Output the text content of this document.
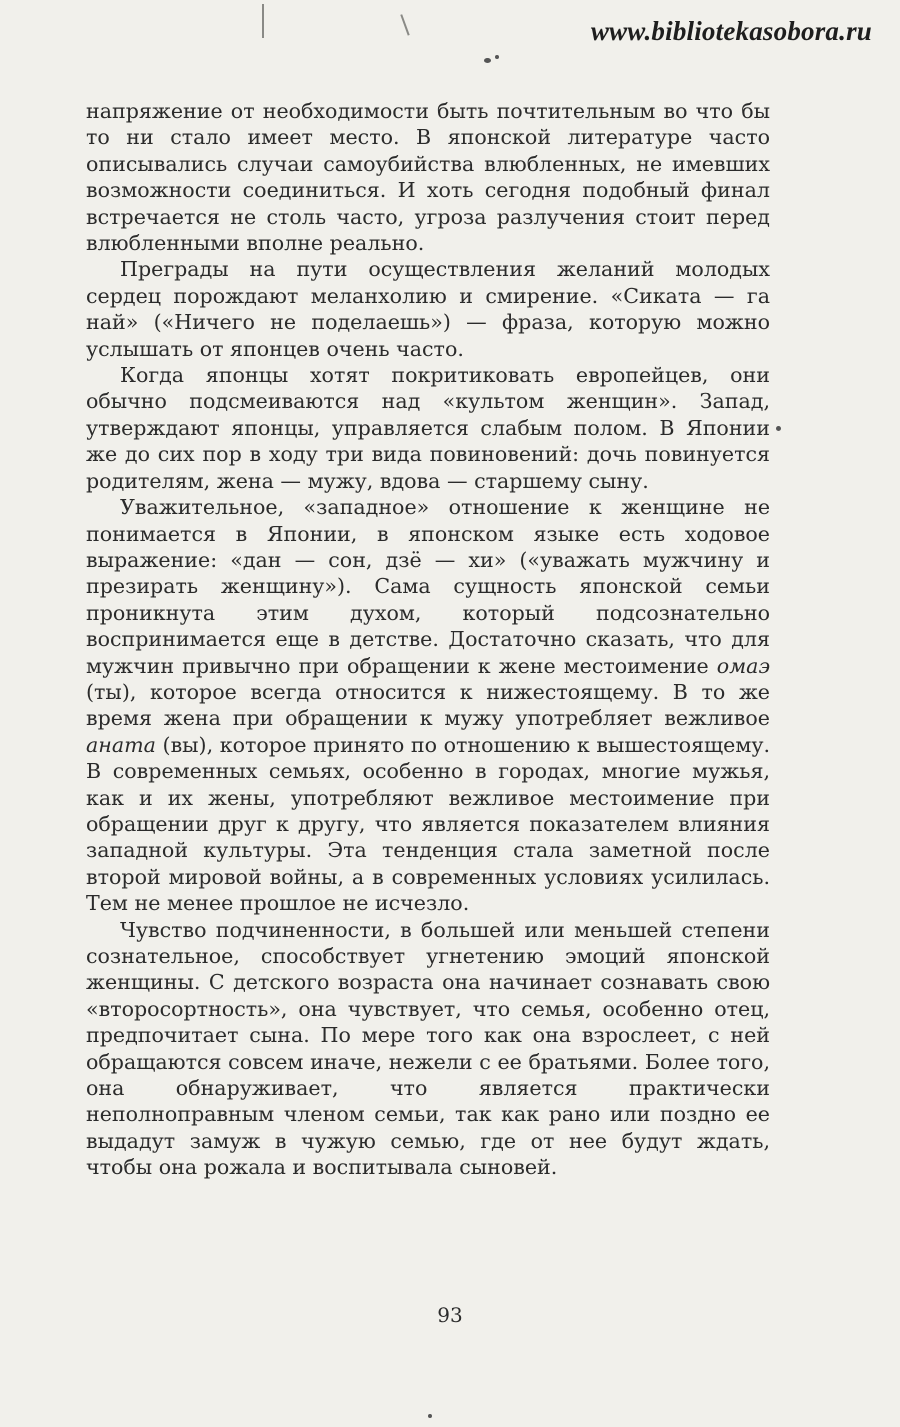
www.bibliotekasobora.ru

напряжение от необходимости быть почтительным во что бы то ни стало имеет место. В японской литературе часто описывались случаи самоубийства влюбленных, не имевших возможности соединиться. И хоть сегодня подобный финал встречается не столь часто, угроза разлучения стоит перед влюбленными вполне реально.

Преграды на пути осуществления желаний молодых сердец порождают меланхолию и смирение. «Сиката — га най» («Ничего не поделаешь») — фраза, которую можно услышать от японцев очень часто.

Когда японцы хотят покритиковать европейцев, они обычно подсмеиваются над «культом женщин». Запад, утверждают японцы, управляется слабым полом. В Японии же до сих пор в ходу три вида повиновений: дочь повинуется родителям, жена — мужу, вдова — старшему сыну.

Уважительное, «западное» отношение к женщине не понимается в Японии, в японском языке есть ходовое выражение: «дан — сон, дзё — хи» («уважать мужчину и презирать женщину»). Сама сущность японской семьи проникнута этим духом, который подсознательно воспринимается еще в детстве. Достаточно сказать, что для мужчин привычно при обращении к жене местоимение омаэ (ты), которое всегда относится к нижестоящему. В то же время жена при обращении к мужу употребляет вежливое аната (вы), которое принято по отношению к вышестоящему. В современных семьях, особенно в городах, многие мужья, как и их жены, употребляют вежливое местоимение при обращении друг к другу, что является показателем влияния западной культуры. Эта тенденция стала заметной после второй мировой войны, а в современных условиях усилилась. Тем не менее прошлое не исчезло.

Чувство подчиненности, в большей или меньшей степени сознательное, способствует угнетению эмоций японской женщины. С детского возраста она начинает сознавать свою «второсортность», она чувствует, что семья, особенно отец, предпочитает сына. По мере того как она взрослеет, с ней обращаются совсем иначе, нежели с ее братьями. Более того, она обнаруживает, что является практически неполноправным членом семьи, так как рано или поздно ее выдадут замуж в чужую семью, где от нее будут ждать, чтобы она рожала и воспитывала сыновей.

93
